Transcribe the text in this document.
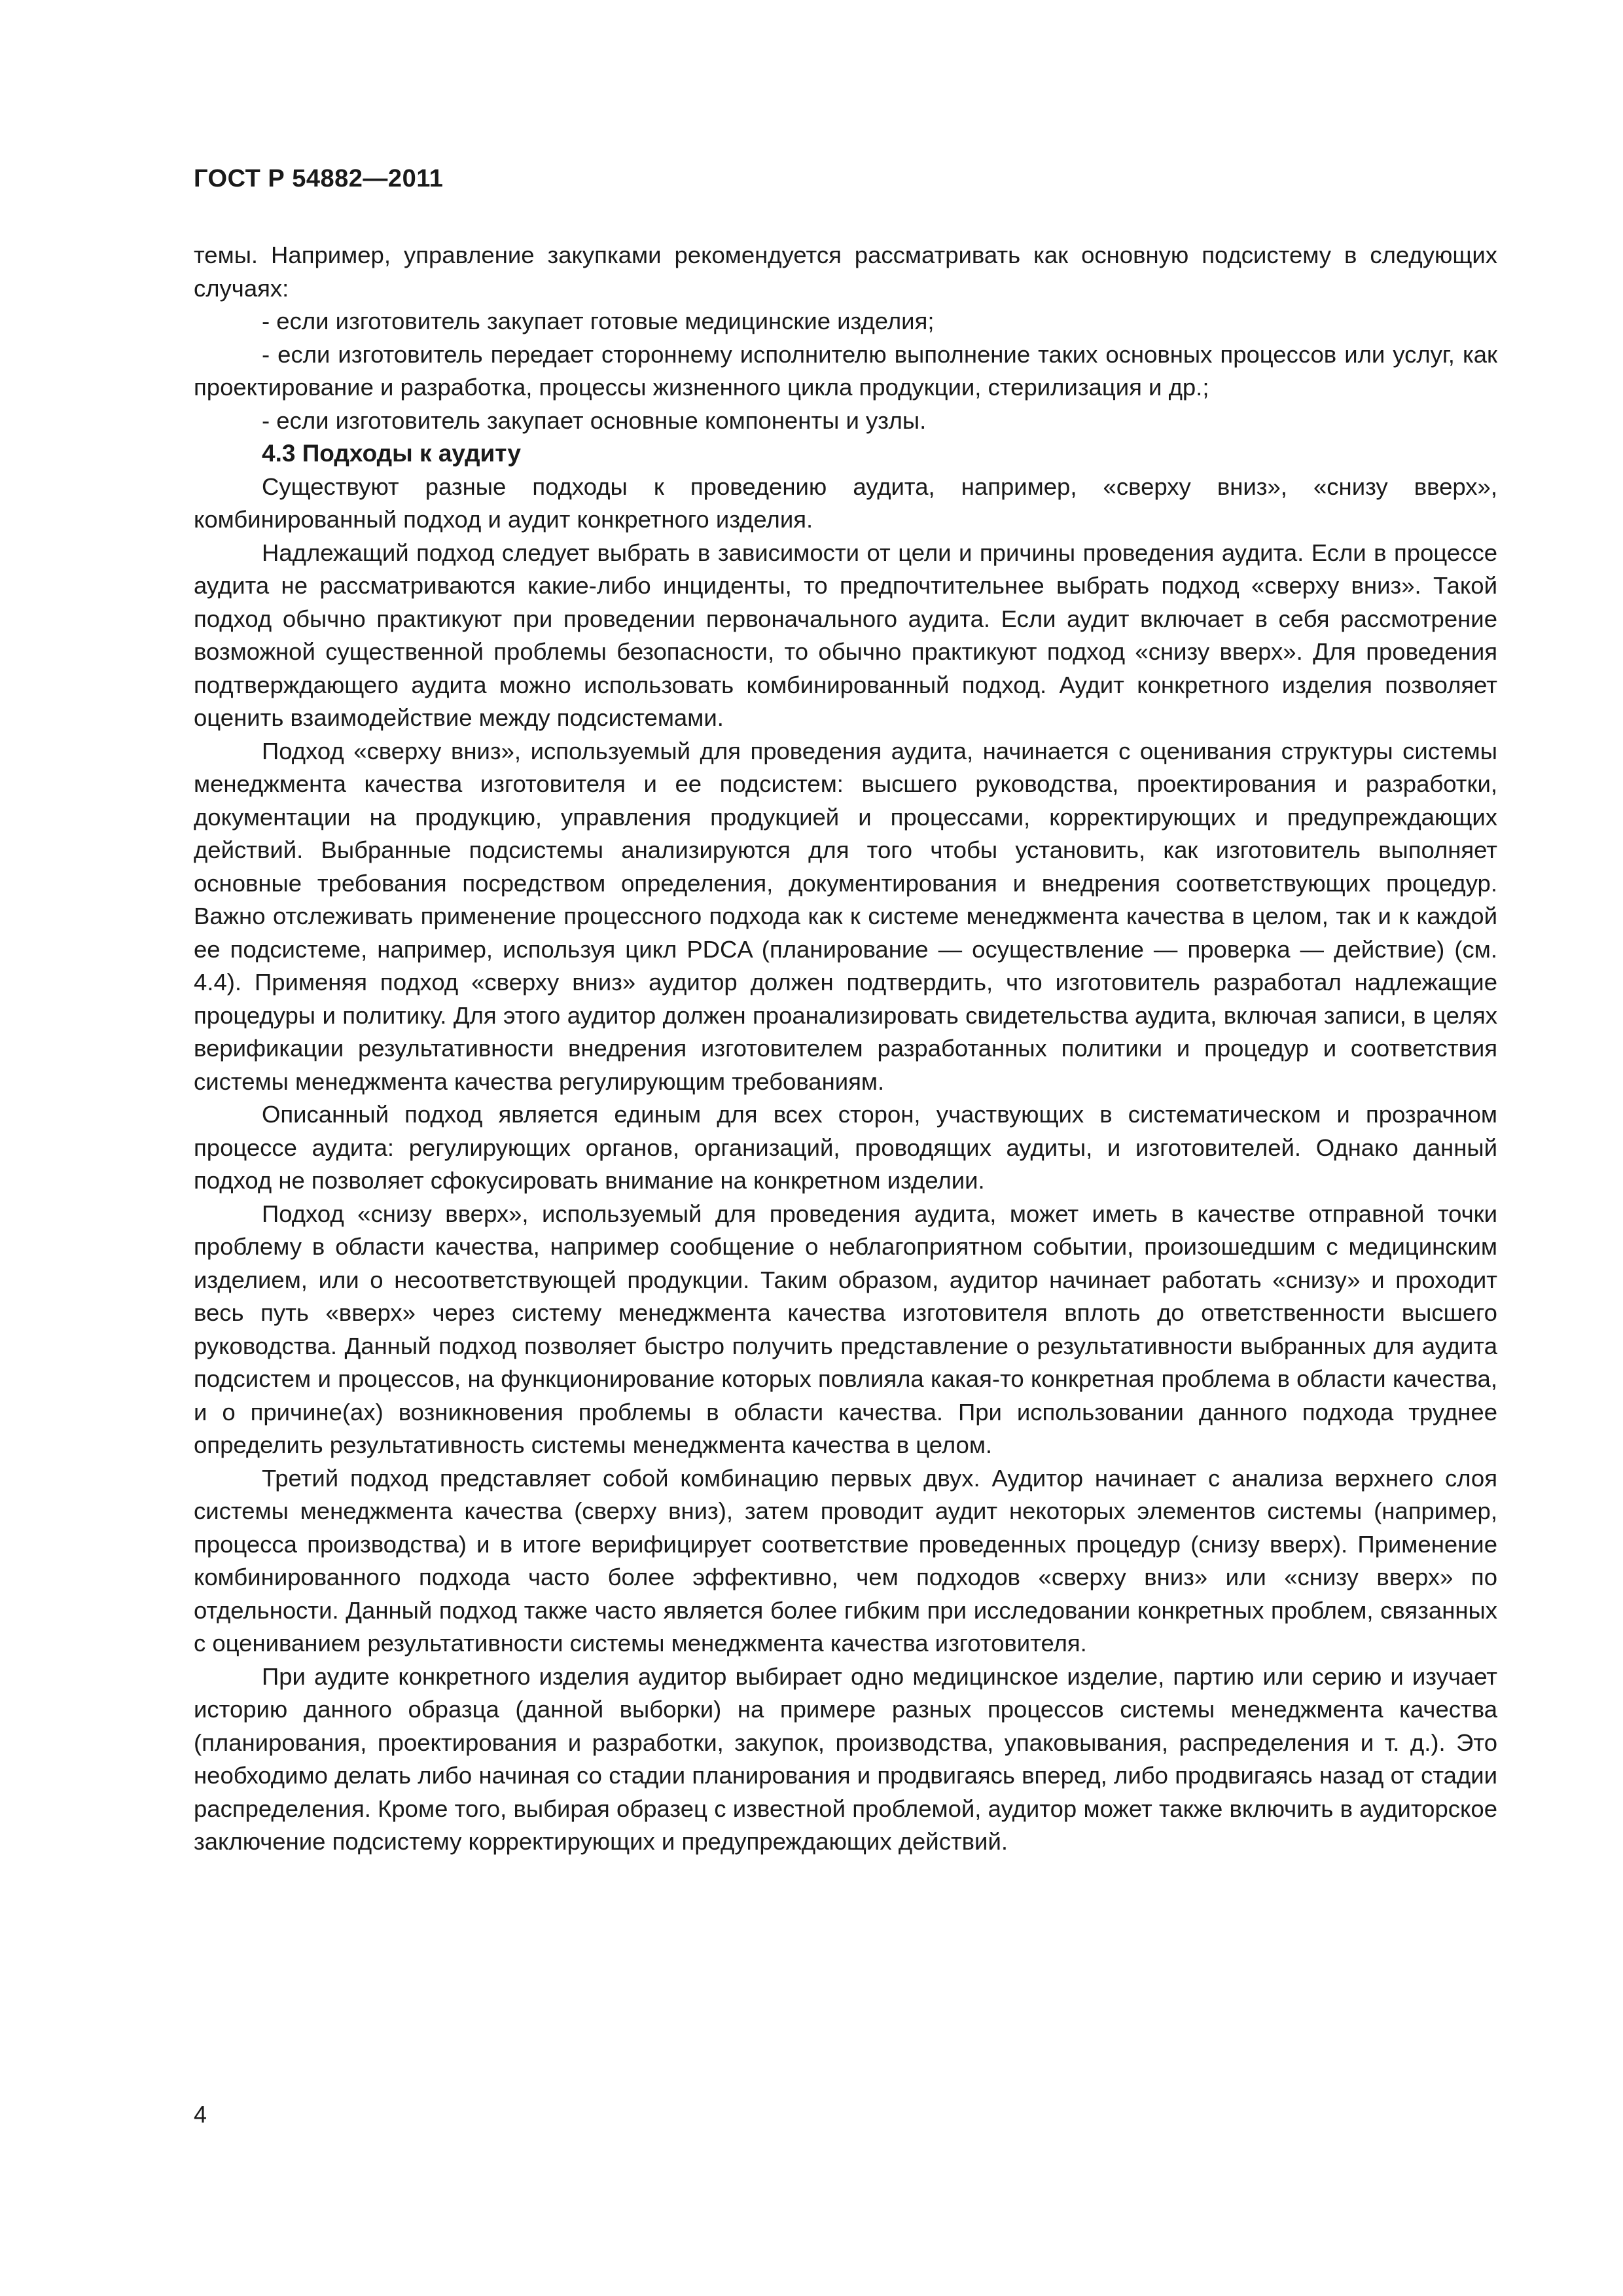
ГОСТ Р 54882—2011

темы. Например, управление закупками рекомендуется рассматривать как основную подсистему в следующих случаях:

- если изготовитель закупает готовые медицинские изделия;

- если изготовитель передает стороннему исполнителю выполнение таких основных процессов или услуг, как проектирование и разработка, процессы жизненного цикла продукции, стерилизация и др.;

- если изготовитель закупает основные компоненты и узлы.

4.3 Подходы к аудиту

Существуют разные подходы к проведению аудита, например, «сверху вниз», «снизу вверх», комбинированный подход и аудит конкретного изделия.

Надлежащий подход следует выбрать в зависимости от цели и причины проведения аудита. Если в процессе аудита не рассматриваются какие-либо инциденты, то предпочтительнее выбрать подход «сверху вниз». Такой подход обычно практикуют при проведении первоначального аудита. Если аудит включает в себя рассмотрение возможной существенной проблемы безопасности, то обычно практикуют подход «снизу вверх». Для проведения подтверждающего аудита можно использовать комбинированный подход. Аудит конкретного изделия позволяет оценить взаимодействие между подсистемами.

Подход «сверху вниз», используемый для проведения аудита, начинается с оценивания структуры системы менеджмента качества изготовителя и ее подсистем: высшего руководства, проектирования и разработки, документации на продукцию, управления продукцией и процессами, корректирующих и предупреждающих действий. Выбранные подсистемы анализируются для того чтобы установить, как изготовитель выполняет основные требования посредством определения, документирования и внедрения соответствующих процедур. Важно отслеживать применение процессного подхода как к системе менеджмента качества в целом, так и к каждой ее подсистеме, например, используя цикл PDCA (планирование — осуществление — проверка — действие) (см. 4.4). Применяя подход «сверху вниз» аудитор должен подтвердить, что изготовитель разработал надлежащие процедуры и политику. Для этого аудитор должен проанализировать свидетельства аудита, включая записи, в целях верификации результативности внедрения изготовителем разработанных политики и процедур и соответствия системы менеджмента качества регулирующим требованиям.

Описанный подход является единым для всех сторон, участвующих в систематическом и прозрачном процессе аудита: регулирующих органов, организаций, проводящих аудиты, и изготовителей. Однако данный подход не позволяет сфокусировать внимание на конкретном изделии.

Подход «снизу вверх», используемый для проведения аудита, может иметь в качестве отправной точки проблему в области качества, например сообщение о неблагоприятном событии, произошедшим с медицинским изделием, или о несоответствующей продукции. Таким образом, аудитор начинает работать «снизу» и проходит весь путь «вверх» через систему менеджмента качества изготовителя вплоть до ответственности высшего руководства. Данный подход позволяет быстро получить представление о результативности выбранных для аудита подсистем и процессов, на функционирование которых повлияла какая-то конкретная проблема в области качества, и о причине(ах) возникновения проблемы в области качества. При использовании данного подхода труднее определить результативность системы менеджмента качества в целом.

Третий подход представляет собой комбинацию первых двух. Аудитор начинает с анализа верхнего слоя системы менеджмента качества (сверху вниз), затем проводит аудит некоторых элементов системы (например, процесса производства) и в итоге верифицирует соответствие проведенных процедур (снизу вверх). Применение комбинированного подхода часто более эффективно, чем подходов «сверху вниз» или «снизу вверх» по отдельности. Данный подход также часто является более гибким при исследовании конкретных проблем, связанных с оцениванием результативности системы менеджмента качества изготовителя.

При аудите конкретного изделия аудитор выбирает одно медицинское изделие, партию или серию и изучает историю данного образца (данной выборки) на примере разных процессов системы менеджмента качества (планирования, проектирования и разработки, закупок, производства, упаковывания, распределения и т. д.). Это необходимо делать либо начиная со стадии планирования и продвигаясь вперед, либо продвигаясь назад от стадии распределения. Кроме того, выбирая образец с известной проблемой, аудитор может также включить в аудиторское заключение подсистему корректирующих и предупреждающих действий.

4
